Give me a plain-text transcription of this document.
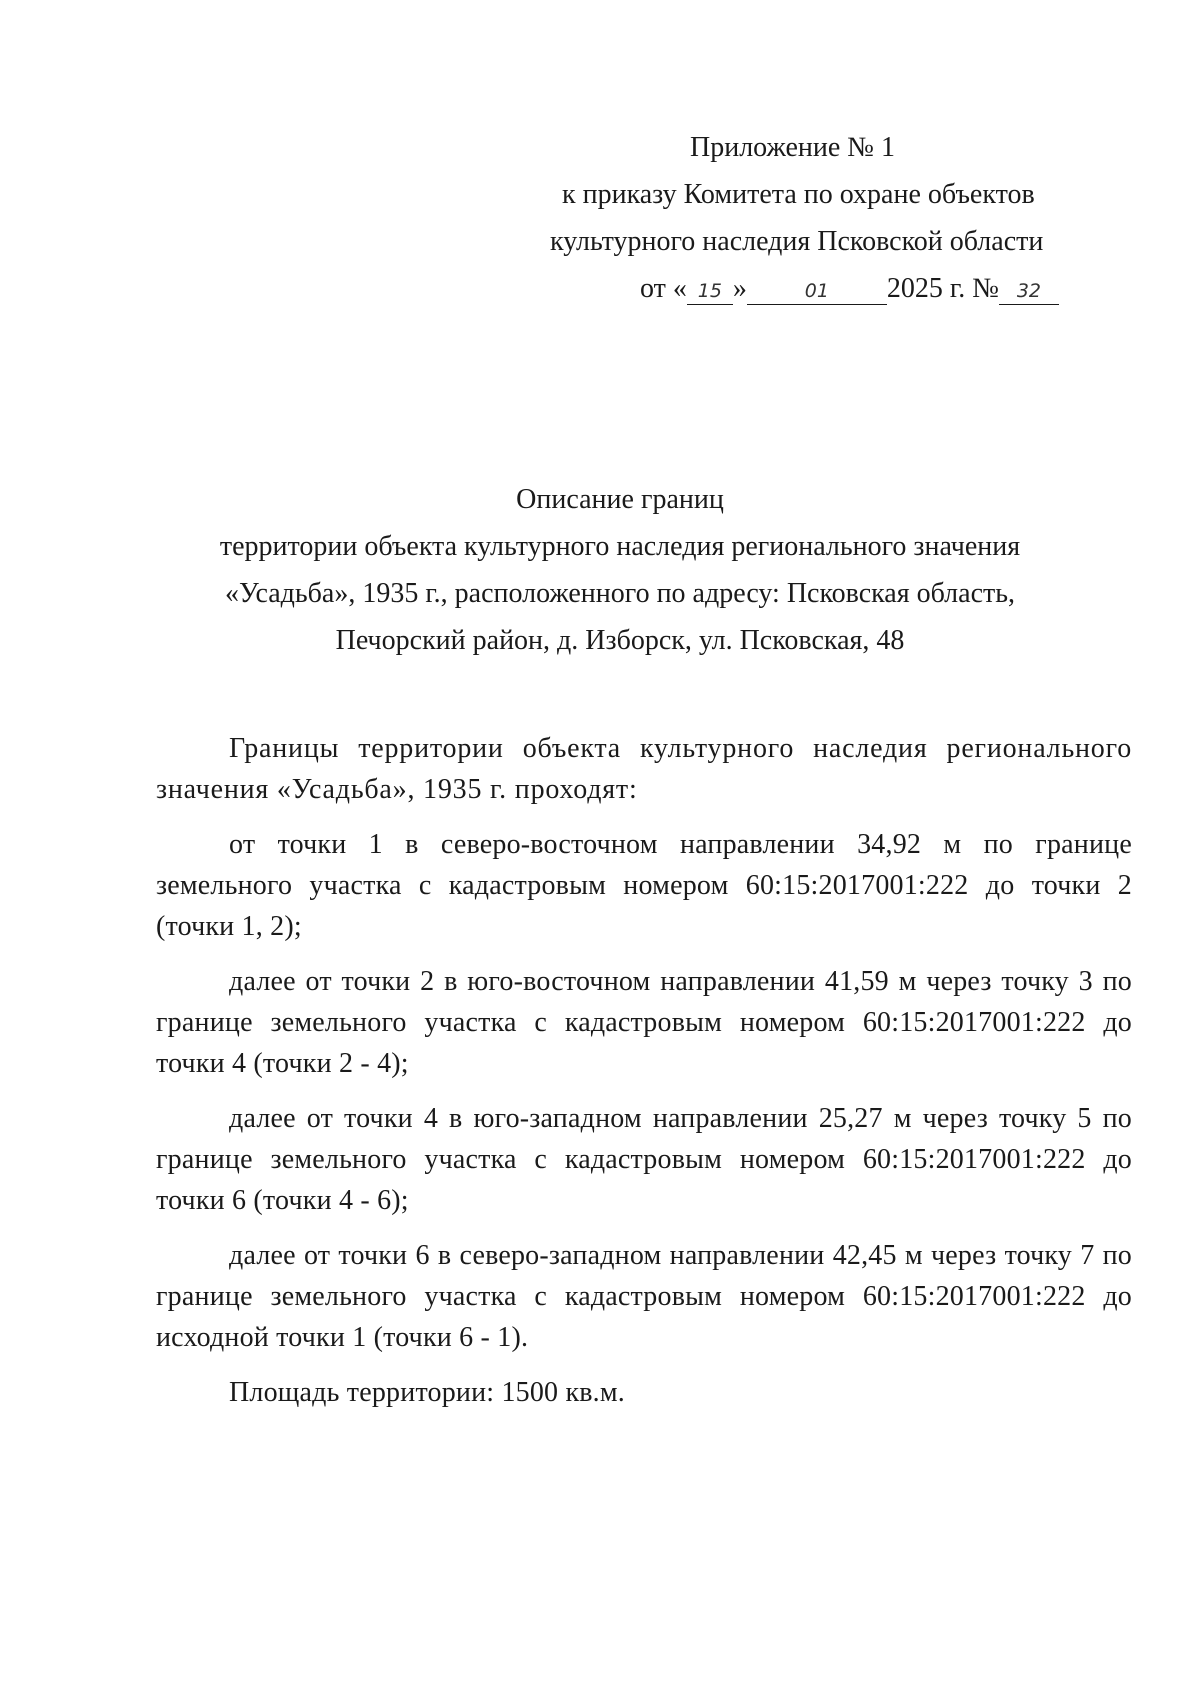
Приложение № 1
к приказу Комитета по охране объектов
культурного наследия Псковской области
от « 15 »	01 2025 г. № 32
Описание границ
территории объекта культурного наследия регионального значения
«Усадьба», 1935 г., расположенного по адресу: Псковская область,
Печорский район, д. Изборск, ул. Псковская, 48

Границы территории объекта культурного наследия регионального значения «Усадьба», 1935 г. проходят:

от точки 1 в северо-восточном направлении 34,92 м по границе земельного участка с кадастровым номером 60:15:2017001:222 до точки 2 (точки 1, 2);

далее от точки 2 в юго-восточном направлении 41,59 м через точку 3 по границе земельного участка с кадастровым номером 60:15:2017001:222 до точки 4 (точки 2 - 4);

далее от точки 4 в юго-западном направлении 25,27 м через точку 5 по границе земельного участка с кадастровым номером 60:15:2017001:222 до точки 6 (точки 4 - 6);

далее от точки 6 в северо-западном направлении 42,45 м через точку 7 по границе земельного участка с кадастровым номером 60:15:2017001:222 до исходной точки 1 (точки 6 - 1).

Площадь территории: 1500 кв.м.
